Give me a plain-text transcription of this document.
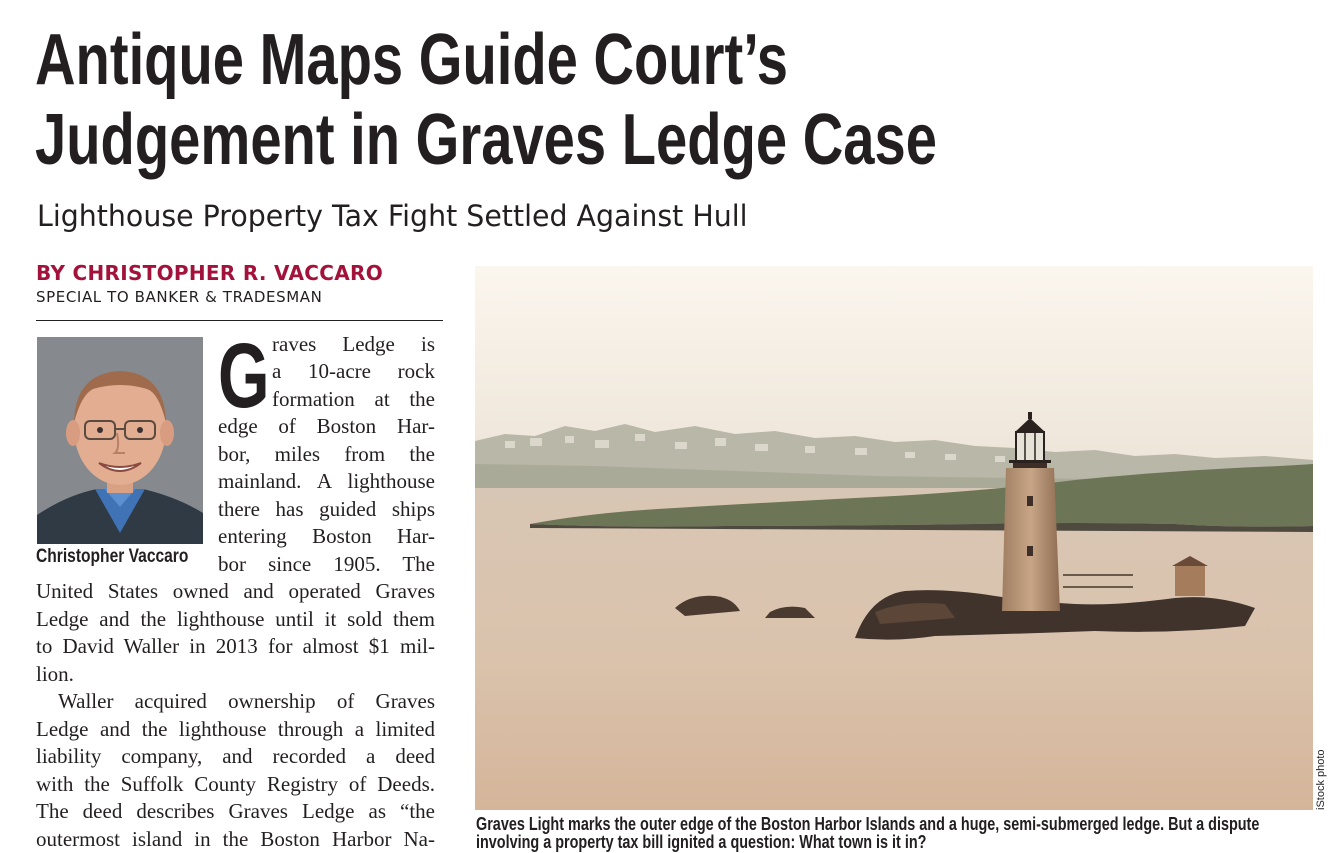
Antique Maps Guide Court’s
Judgement in Graves Ledge Case
Lighthouse Property Tax Fight Settled Against Hull
BY CHRISTOPHER R. VACCARO
SPECIAL TO BANKER & TRADESMAN
Christopher Vaccaro
G raves Ledge is
a 10-acre rock
formation at the
edge of Boston Har-
bor, miles from the
mainland. A lighthouse
there has guided ships
entering Boston Har-
bor since 1905. The
United States owned and operated Graves
Ledge and the lighthouse until it sold them
to David Waller in 2013 for almost $1 mil-
lion.
Waller acquired ownership of Graves
Ledge and the lighthouse through a limited
liability company, and recorded a deed
with the Suffolk County Registry of Deeds.
The deed describes Graves Ledge as “the
outermost island in the Boston Harbor Na-
iStock photo
Graves Light marks the outer edge of the Boston Harbor Islands and a huge, semi-submerged ledge. But a dispute
involving a property tax bill ignited a question: What town is it in?
